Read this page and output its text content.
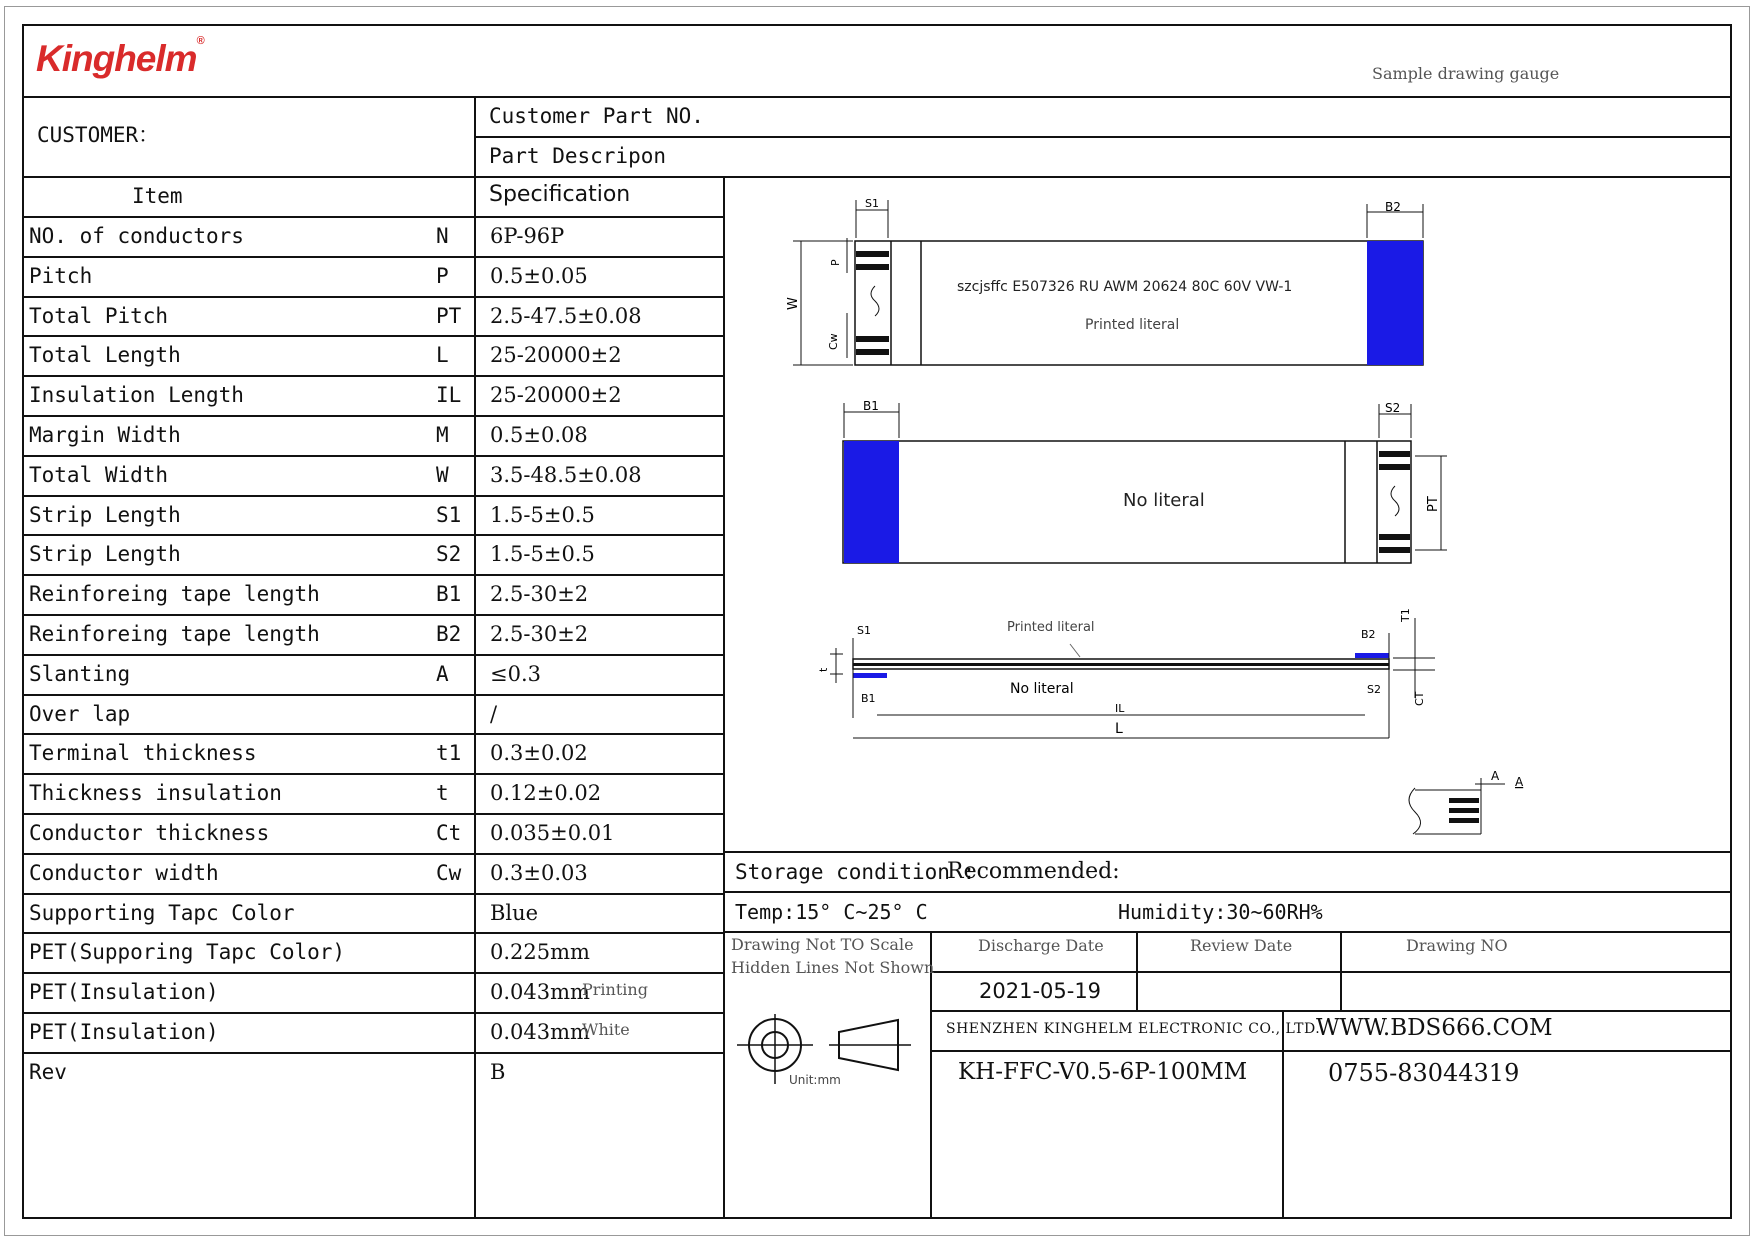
Kinghelm®
Sample drawing gauge
CUSTOMER：
Customer Part NO.
Part Descripon
Item	Specification
NO. of conductors	N 6P-96P
Pitch	P 0.5±0.05
Total Pitch	PT 2.5-47.5±0.08
Total Length	L 25-20000±2
Insulation Length	IL 25-20000±2
Margin Width	M 0.5±0.08
Total Width	W 3.5-48.5±0.08
Strip Length	S1 1.5-5±0.5
Strip Length	S2 1.5-5±0.5
Reinforeing tape length	B1 2.5-30±2
Reinforeing tape length	B2 2.5-30±2
Slanting	A ≤0.3
Over lap	/
Terminal thickness	t1 0.3±0.02
Thickness insulation	t 0.12±0.02
Conductor thickness	Ct 0.035±0.01
Conductor width	Cw 0.3±0.03
Supporting Tapc Color	Blue
PET(Supporing Tapc Color)	0.225mm
PET(Insulation)	0.043mm
Printing
PET(Insulation)	0.043mm
White
Rev	B
szcjsffc E507326 RU AWM 20624 80C 60V VW-1
Printed literal
S1	B2
W
P
Cw
No literal
B1	S2
PT
Printed literal
No literal
S1	B2
B1
S2
t
T1
CT
IL
L
A A
Storage condition :
Recommended:
Temp:15° C~25° C	Humidity:30~60RH%
Drawing Not TO Scale
Hidden Lines Not Shown
Discharge Date	Review Date	Drawing NO
2021-05-19
SHENZHEN KINGHELM ELECTRONIC CO., LTD.
WWW.BDS666.COM
KH-FFC-V0.5-6P-100MM	0755-83044319
Unit:mm
